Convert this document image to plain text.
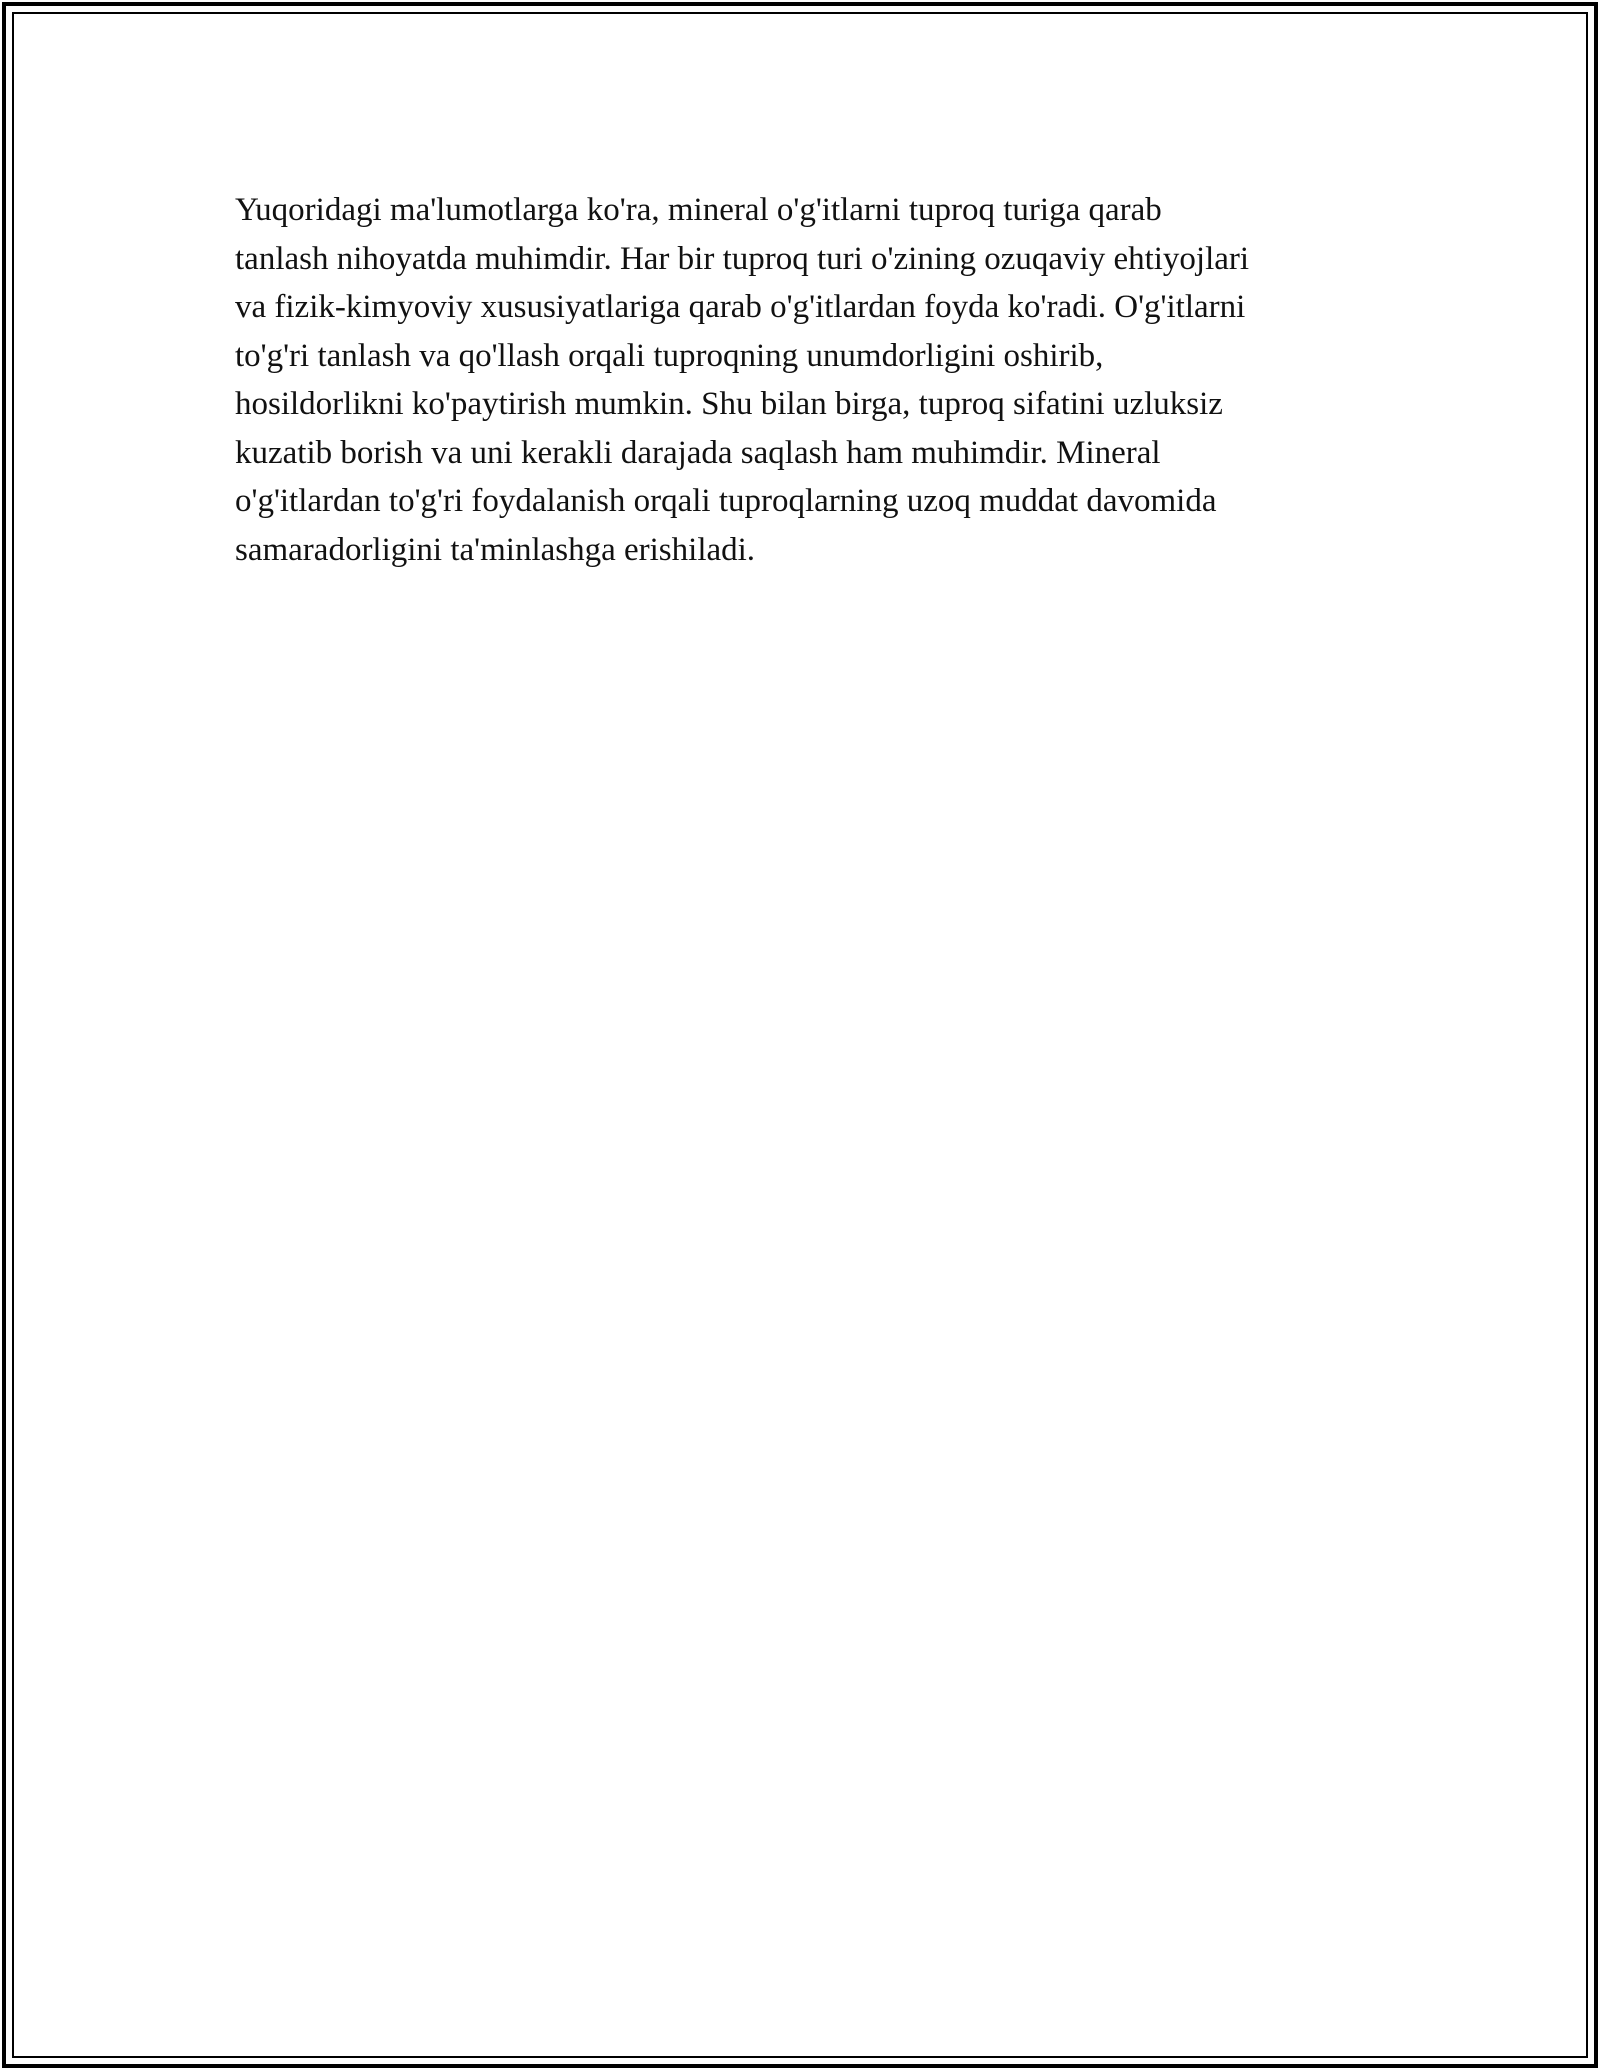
Yuqoridagi ma'lumotlarga ko'ra, mineral o'g'itlarni tuproq turiga qarab
tanlash nihoyatda muhimdir. Har bir tuproq turi o'zining ozuqaviy ehtiyojlari
va fizik-kimyoviy xususiyatlariga qarab o'g'itlardan foyda ko'radi. O'g'itlarni
to'g'ri tanlash va qo'llash orqali tuproqning unumdorligini oshirib,
hosildorlikni ko'paytirish mumkin. Shu bilan birga, tuproq sifatini uzluksiz
kuzatib borish va uni kerakli darajada saqlash ham muhimdir. Mineral
o'g'itlardan to'g'ri foydalanish orqali tuproqlarning uzoq muddat davomida
samaradorligini ta'minlashga erishiladi.
